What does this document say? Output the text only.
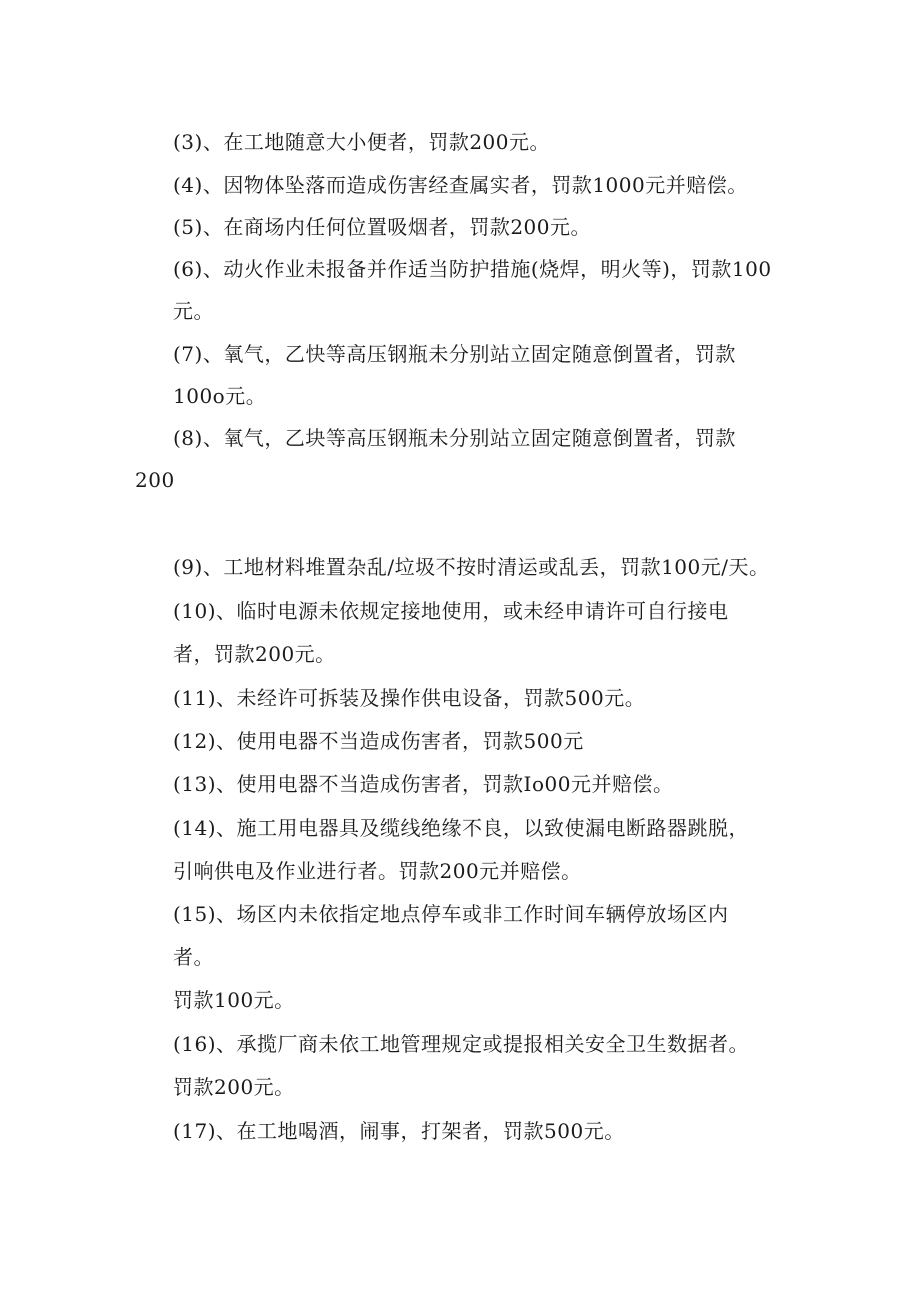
(3)、在工地随意大小便者，罚款200元。
(4)、因物体坠落而造成伤害经查属实者，罚款1000元并赔偿。
(5)、在商场内任何位置吸烟者，罚款200元。
(6)、动火作业未报备并作适当防护措施(烧焊，明火等)，罚款100
元。
(7)、氧气，乙快等高压钢瓶未分别站立固定随意倒置者，罚款
100o元。
(8)、氧气，乙块等高压钢瓶未分别站立固定随意倒置者，罚款
200
(9)、工地材料堆置杂乱/垃圾不按时清运或乱丢，罚款100元/天。
(10)、临时电源未依规定接地使用，或未经申请许可自行接电
者，罚款200元。
(11)、未经许可拆装及操作供电设备，罚款500元。
(12)、使用电器不当造成伤害者，罚款500元
(13)、使用电器不当造成伤害者，罚款Io00元并赔偿。
(14)、施工用电器具及缆线绝缘不良，以致使漏电断路器跳脱，
引响供电及作业进行者。罚款200元并赔偿。
(15)、场区内未依指定地点停车或非工作时间车辆停放场区内
者。
罚款100元。
(16)、承揽厂商未依工地管理规定或提报相关安全卫生数据者。
罚款200元。
(17)、在工地喝酒，闹事，打架者，罚款500元。
